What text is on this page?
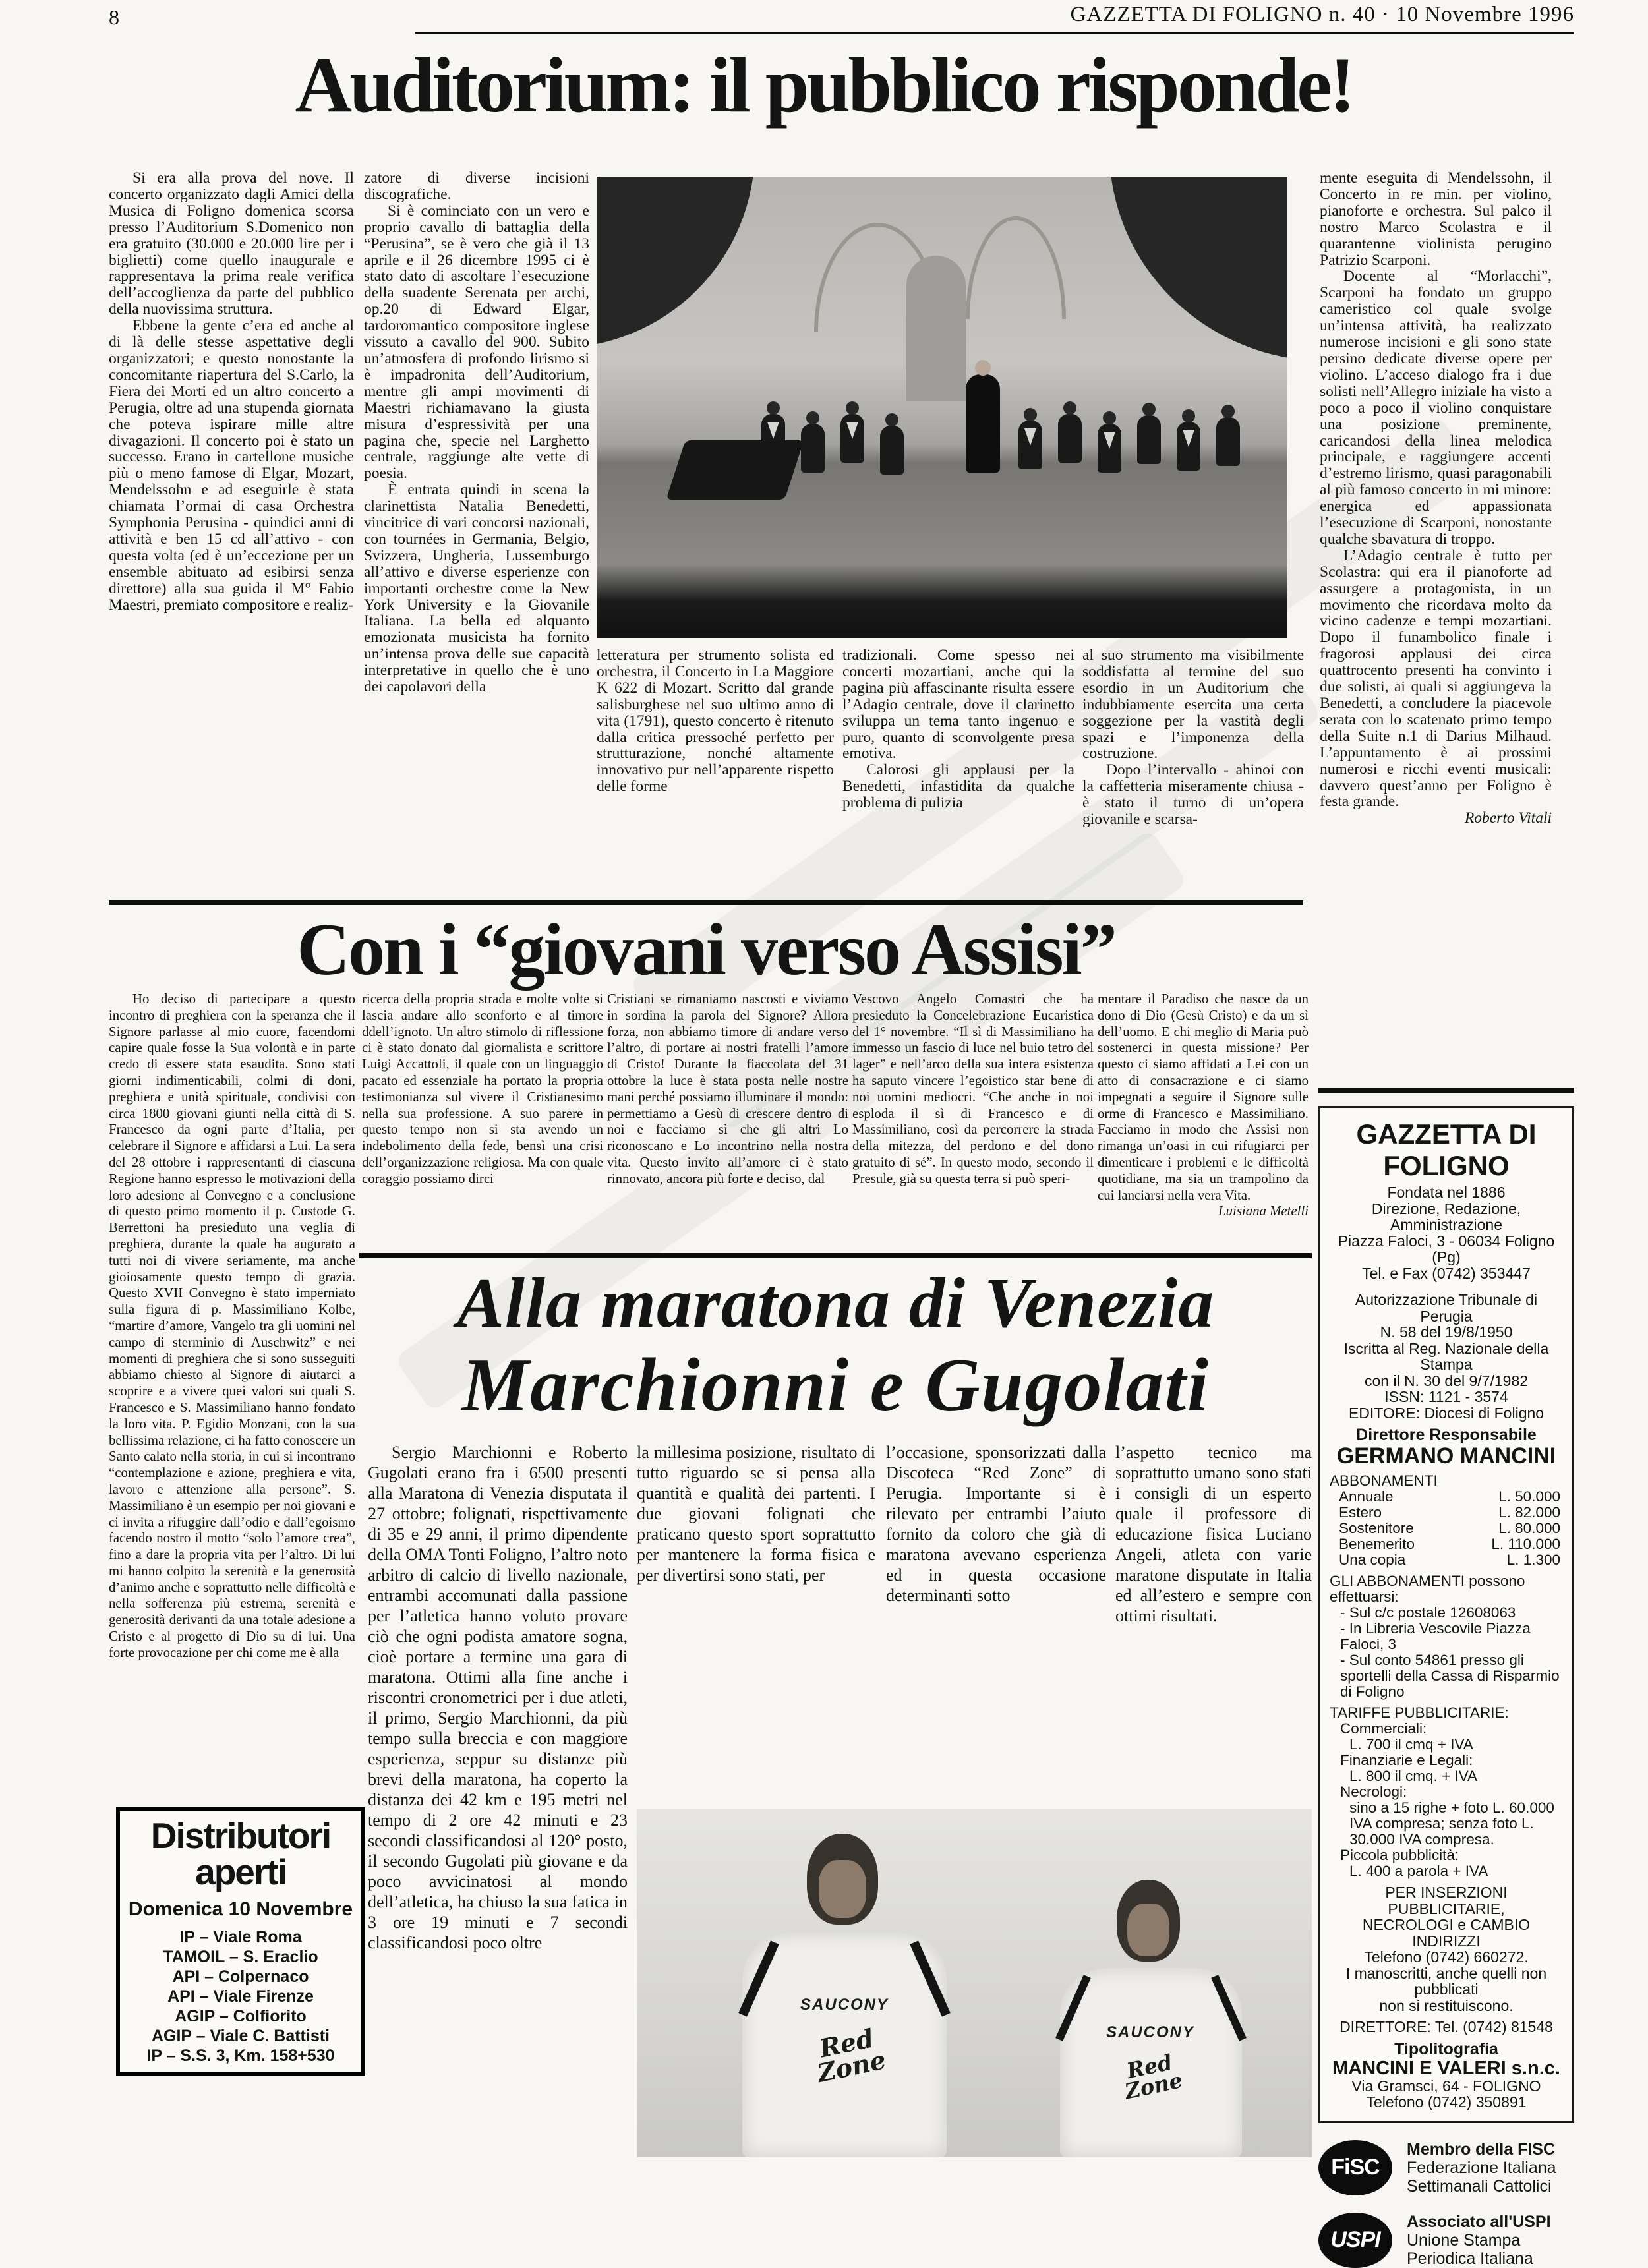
8	GAZZETTA DI FOLIGNO n. 40 · 10 Novembre 1996
Auditorium: il pubblico risponde!

Si era alla prova del nove. Il concerto organizzato dagli Amici della Musica di Foligno domenica scorsa presso l’Auditorium S.Domenico non era gratuito (30.000 e 20.000 lire per i biglietti) come quello inaugurale e rappresentava la prima reale verifica dell’accoglienza da parte del pubblico della nuovissima struttura.

Ebbene la gente c’era ed anche al di là delle stesse aspettative degli organizzatori; e questo nonostante la concomitante riapertura del S.Carlo, la Fiera dei Morti ed un altro concerto a Perugia, oltre ad una stupenda giornata che poteva ispirare mille altre divagazioni. Il concerto poi è stato un successo. Erano in cartellone musiche più o meno famose di Elgar, Mozart, Mendelssohn e ad eseguirle è stata chiamata l’ormai di casa Orchestra Symphonia Perusina - quindici anni di attività e ben 15 cd all’attivo - con questa volta (ed è un’eccezione per un ensemble abituato ad esibirsi senza direttore) alla sua guida il M° Fabio Maestri, premiato compositore e realiz-

zatore di diverse incisioni discografiche.

Si è cominciato con un vero e proprio cavallo di battaglia della “Perusina”, se è vero che già il 13 aprile e il 26 dicembre 1995 ci è stato dato di ascoltare l’esecuzione della suadente Serenata per archi, op.20 di Edward Elgar, tardoromantico compositore inglese vissuto a cavallo del 900. Subito un’atmosfera di profondo lirismo si è impadronita dell’Auditorium, mentre gli ampi movimenti di Maestri richiamavano la giusta misura d’espressività per una pagina che, specie nel Larghetto centrale, raggiunge alte vette di poesia.

È entrata quindi in scena la clarinettista Natalia Benedetti, vincitrice di vari concorsi nazionali, con tournées in Germania, Belgio, Svizzera, Ungheria, Lussemburgo all’attivo e diverse esperienze con importanti orchestre come la New York University e la Giovanile Italiana. La bella ed alquanto emozionata musicista ha fornito un’intensa prova delle sue capacità interpretative in quello che è uno dei capolavori della

letteratura per strumento solista ed orchestra, il Concerto in La Maggiore K 622 di Mozart. Scritto dal grande salisburghese nel suo ultimo anno di vita (1791), questo concerto è ritenuto dalla critica pressoché perfetto per strutturazione, nonché altamente innovativo pur nell’apparente rispetto delle forme

tradizionali. Come spesso nei concerti mozartiani, anche qui la pagina più affascinante risulta essere l’Adagio centrale, dove il clarinetto sviluppa un tema tanto ingenuo e puro, quanto di sconvolgente presa emotiva.

Calorosi gli applausi per la Benedetti, infastidita da qualche problema di pulizia

al suo strumento ma visibilmente soddisfatta al termine del suo esordio in un Auditorium che indubbiamente esercita una certa soggezione per la vastità degli spazi e l’imponenza della costruzione.

Dopo l’intervallo - ahinoi con la caffetteria miseramente chiusa - è stato il turno di un’opera giovanile e scarsa-

mente eseguita di Mendelssohn, il Concerto in re min. per violino, pianoforte e orchestra. Sul palco il nostro Marco Scolastra e il quarantenne violinista perugino Patrizio Scarponi.

Docente al “Morlacchi”, Scarponi ha fondato un gruppo cameristico col quale svolge un’intensa attività, ha realizzato numerose incisioni e gli sono state persino dedicate diverse opere per violino. L’acceso dialogo fra i due solisti nell’Allegro iniziale ha visto a poco a poco il violino conquistare una posizione preminente, caricandosi della linea melodica principale, e raggiungere accenti d’estremo lirismo, quasi paragonabili al più famoso concerto in mi minore: energica ed appassionata l’esecuzione di Scarponi, nonostante qualche sbavatura di troppo.

L’Adagio centrale è tutto per Scolastra: qui era il pianoforte ad assurgere a protagonista, in un movimento che ricordava molto da vicino cadenze e tempi mozartiani. Dopo il funambolico finale i fragorosi applausi dei circa quattrocento presenti ha convinto i due solisti, ai quali si aggiungeva la Benedetti, a concludere la piacevole serata con lo scatenato primo tempo della Suite n.1 di Darius Milhaud. L’appuntamento è ai prossimi numerosi e ricchi eventi musicali: davvero quest’anno per Foligno è festa grande.

Roberto Vitali

Con i “giovani verso Assisi”

Ho deciso di partecipare a questo incontro di preghiera con la speranza che il Signore parlasse al mio cuore, facendomi capire quale fosse la Sua volontà e in parte credo di essere stata esaudita. Sono stati giorni indimenticabili, colmi di doni, preghiera e unità spirituale, condivisi con circa 1800 giovani giunti nella città di S. Francesco da ogni parte d’Italia, per celebrare il Signore e affidarsi a Lui. La sera del 28 ottobre i rappresentanti di ciascuna Regione hanno espresso le motivazioni della loro adesione al Convegno e a conclusione di questo primo momento il p. Custode G. Berrettoni ha presieduto una veglia di preghiera, durante la quale ha augurato a tutti noi di vivere seriamente, ma anche gioiosamente questo tempo di grazia. Questo XVII Convegno è stato imperniato sulla figura di p. Massimiliano Kolbe, “martire d’amore, Vangelo tra gli uomini nel campo di sterminio di Auschwitz” e nei momenti di preghiera che si sono susseguiti abbiamo chiesto al Signore di aiutarci a scoprire e a vivere quei valori sui quali S. Francesco e S. Massimiliano hanno fondato la loro vita. P. Egidio Monzani, con la sua bellissima relazione, ci ha fatto conoscere un Santo calato nella storia, in cui si incontrano “contemplazione e azione, preghiera e vita, lavoro e attenzione alla persone”. S. Massimiliano è un esempio per noi giovani e ci invita a rifuggire dall’odio e dall’egoismo facendo nostro il motto “solo l’amore crea”, fino a dare la propria vita per l’altro. Di lui mi hanno colpito la serenità e la generosità d’animo anche e soprattutto nelle difficoltà e nella sofferenza più estrema, serenità e generosità derivanti da una totale adesione a Cristo e al progetto di Dio su di lui. Una forte provocazione per chi come me è alla

ricerca della propria strada e molte volte si lascia andare allo sconforto e al timore ddell’ignoto. Un altro stimolo di riflessione ci è stato donato dal giornalista e scrittore Luigi Accattoli, il quale con un linguaggio pacato ed essenziale ha portato la propria testimonianza sul vivere il Cristianesimo nella sua professione. A suo parere in questo tempo non si sta avendo un indebolimento della fede, bensì una crisi dell’organizzazione religiosa. Ma con quale coraggio possiamo dirci

Cristiani se rimaniamo nascosti e viviamo in sordina la parola del Signore? Allora forza, non abbiamo timore di andare verso l’altro, di portare ai nostri fratelli l’amore di Cristo! Durante la fiaccolata del 31 ottobre la luce è stata posta nelle nostre mani perché possiamo illuminare il mondo: permettiamo a Gesù di crescere dentro di noi e facciamo sì che gli altri Lo riconoscano e Lo incontrino nella nostra vita. Questo invito all’amore ci è stato rinnovato, ancora più forte e deciso, dal

Vescovo Angelo Comastri che ha presieduto la Concelebrazione Eucaristica del 1° novembre. “Il sì di Massimiliano ha immesso un fascio di luce nel buio tetro del lager” e nell’arco della sua intera esistenza ha saputo vincere l’egoistico star bene di noi uomini mediocri. “Che anche in noi esploda il sì di Francesco e di Massimiliano, così da percorrere la strada della mitezza, del perdono e del dono gratuito di sé”. In questo modo, secondo il Presule, già su questa terra si può speri-

mentare il Paradiso che nasce da un dono di Dio (Gesù Cristo) e da un sì dell’uomo. E chi meglio di Maria può sostenerci in questa missione? Per questo ci siamo affidati a Lei con un atto di consacrazione e ci siamo impegnati a seguire il Signore sulle orme di Francesco e Massimiliano. Facciamo in modo che Assisi non rimanga un’oasi in cui rifugiarci per dimenticare i problemi e le difficoltà quotidiane, ma sia un trampolino da cui lanciarsi nella vera Vita.

Luisiana Metelli

Alla maratona di Venezia
Marchionni e Gugolati

Sergio Marchionni e Roberto Gugolati erano fra i 6500 presenti alla Maratona di Venezia disputata il 27 ottobre; folignati, rispettivamente di 35 e 29 anni, il primo dipendente della OMA Tonti Foligno, l’altro noto arbitro di calcio di livello nazionale, entrambi accomunati dalla passione per l’atletica hanno voluto provare ciò che ogni podista amatore sogna, cioè portare a termine una gara di maratona. Ottimi alla fine anche i riscontri cronometrici per i due atleti, il primo, Sergio Marchionni, da più tempo sulla breccia e con maggiore esperienza, seppur su distanze più brevi della maratona, ha coperto la distanza dei 42 km e 195 metri nel tempo di 2 ore 42 minuti e 23 secondi classificandosi al 120° posto, il secondo Gugolati più giovane e da poco avvicinatosi al mondo dell’atletica, ha chiuso la sua fatica in 3 ore 19 minuti e 7 secondi classificandosi poco oltre

la millesima posizione, risultato di tutto riguardo se si pensa alla quantità e qualità dei partenti. I due giovani folignati che praticano questo sport soprattutto per mantenere la forma fisica e per divertirsi sono stati, per

l’occasione, sponsorizzati dalla Discoteca “Red Zone” di Perugia. Importante si è rilevato per entrambi l’aiuto fornito da coloro che già di maratona avevano esperienza ed in questa occasione determinanti sotto

l’aspetto tecnico ma soprattutto umano sono stati i consigli di un esperto quale il professore di educazione fisica Luciano Angeli, atleta con varie maratone disputate in Italia ed all’estero e sempre con ottimi risultati.

SAUCONY
Red Zone
SAUCONY
Red Zone
Distributori
aperti
Domenica 10 Novembre
IP – Viale Roma
TAMOIL – S. Eraclio
API – Colpernaco
API – Viale Firenze
AGIP – Colfiorito
AGIP – Viale C. Battisti
IP – S.S. 3, Km. 158+530
GAZZETTA DI FOLIGNO
Fondata nel 1886
Direzione, Redazione, Amministrazione
Piazza Faloci, 3 - 06034 Foligno (Pg)
Tel. e Fax (0742) 353447
Autorizzazione Tribunale di Perugia
N. 58 del 19/8/1950
Iscritta al Reg. Nazionale della Stampa
con il N. 30 del 9/7/1982
ISSN: 1121 - 3574
EDITORE: Diocesi di Foligno
Direttore Responsabile
GERMANO MANCINI
ABBONAMENTI
Annuale	L. 50.000
Estero	L. 82.000
Sostenitore	L. 80.000
Benemerito	L. 110.000
Una copia	L. 1.300
GLI ABBONAMENTI possono effettuarsi:
- Sul c/c postale 12608063
- In Libreria Vescovile Piazza Faloci, 3
- Sul conto 54861 presso gli sportelli della Cassa di Risparmio di Foligno
TARIFFE PUBBLICITARIE:
Commerciali:
L. 700 il cmq + IVA
Finanziarie e Legali:
L. 800 il cmq. + IVA
Necrologi:
sino a 15 righe + foto L. 60.000 IVA compresa; senza foto L. 30.000 IVA compresa.
Piccola pubblicità:
L. 400 a parola + IVA
PER INSERZIONI PUBBLICITARIE,
NECROLOGI e CAMBIO INDIRIZZI
Telefono (0742) 660272.
I manoscritti, anche quelli non pubblicati
non si restituiscono.
DIRETTORE: Tel. (0742) 81548
Tipolitografia
MANCINI E VALERI s.n.c.
Via Gramsci, 64 - FOLIGNO
Telefono (0742) 350891
FiSC
Membro della FISC
Federazione Italiana
Settimanali Cattolici
USPI
Associato all'USPI
Unione Stampa
Periodica Italiana
